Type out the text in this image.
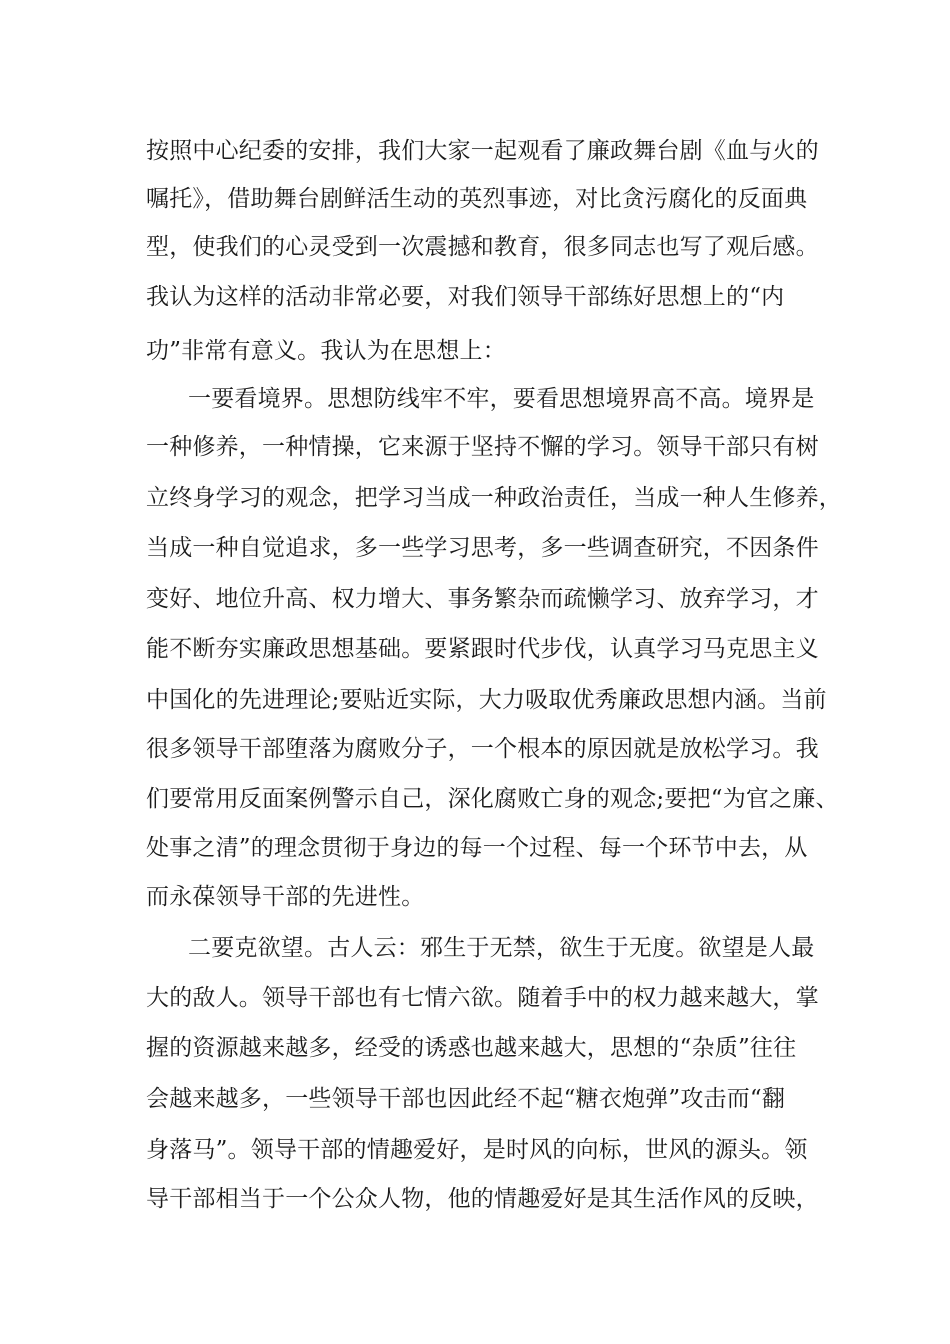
按照中心纪委的安排，我们大家一起观看了廉政舞台剧《血与火的
嘱托》，借助舞台剧鲜活生动的英烈事迹，对比贪污腐化的反面典
型，使我们的心灵受到一次震撼和教育，很多同志也写了观后感。
我认为这样的活动非常必要，对我们领导干部练好思想上的“内
功”非常有意义。我认为在思想上：
一要看境界。思想防线牢不牢，要看思想境界高不高。境界是
一种修养，一种情操，它来源于坚持不懈的学习。领导干部只有树
立终身学习的观念，把学习当成一种政治责任，当成一种人生修养，
当成一种自觉追求，多一些学习思考，多一些调查研究，不因条件
变好、地位升高、权力增大、事务繁杂而疏懒学习、放弃学习，才
能不断夯实廉政思想基础。要紧跟时代步伐，认真学习马克思主义
中国化的先进理论;要贴近实际，大力吸取优秀廉政思想内涵。当前
很多领导干部堕落为腐败分子，一个根本的原因就是放松学习。我
们要常用反面案例警示自己，深化腐败亡身的观念;要把“为官之廉、
处事之清”的理念贯彻于身边的每一个过程、每一个环节中去，从
而永葆领导干部的先进性。
二要克欲望。古人云：邪生于无禁，欲生于无度。欲望是人最
大的敌人。领导干部也有七情六欲。随着手中的权力越来越大，掌
握的资源越来越多，经受的诱惑也越来越大，思想的“杂质”往往
会越来越多，一些领导干部也因此经不起“糖衣炮弹”攻击而“翻
身落马”。领导干部的情趣爱好，是时风的向标，世风的源头。领
导干部相当于一个公众人物，他的情趣爱好是其生活作风的反映，
